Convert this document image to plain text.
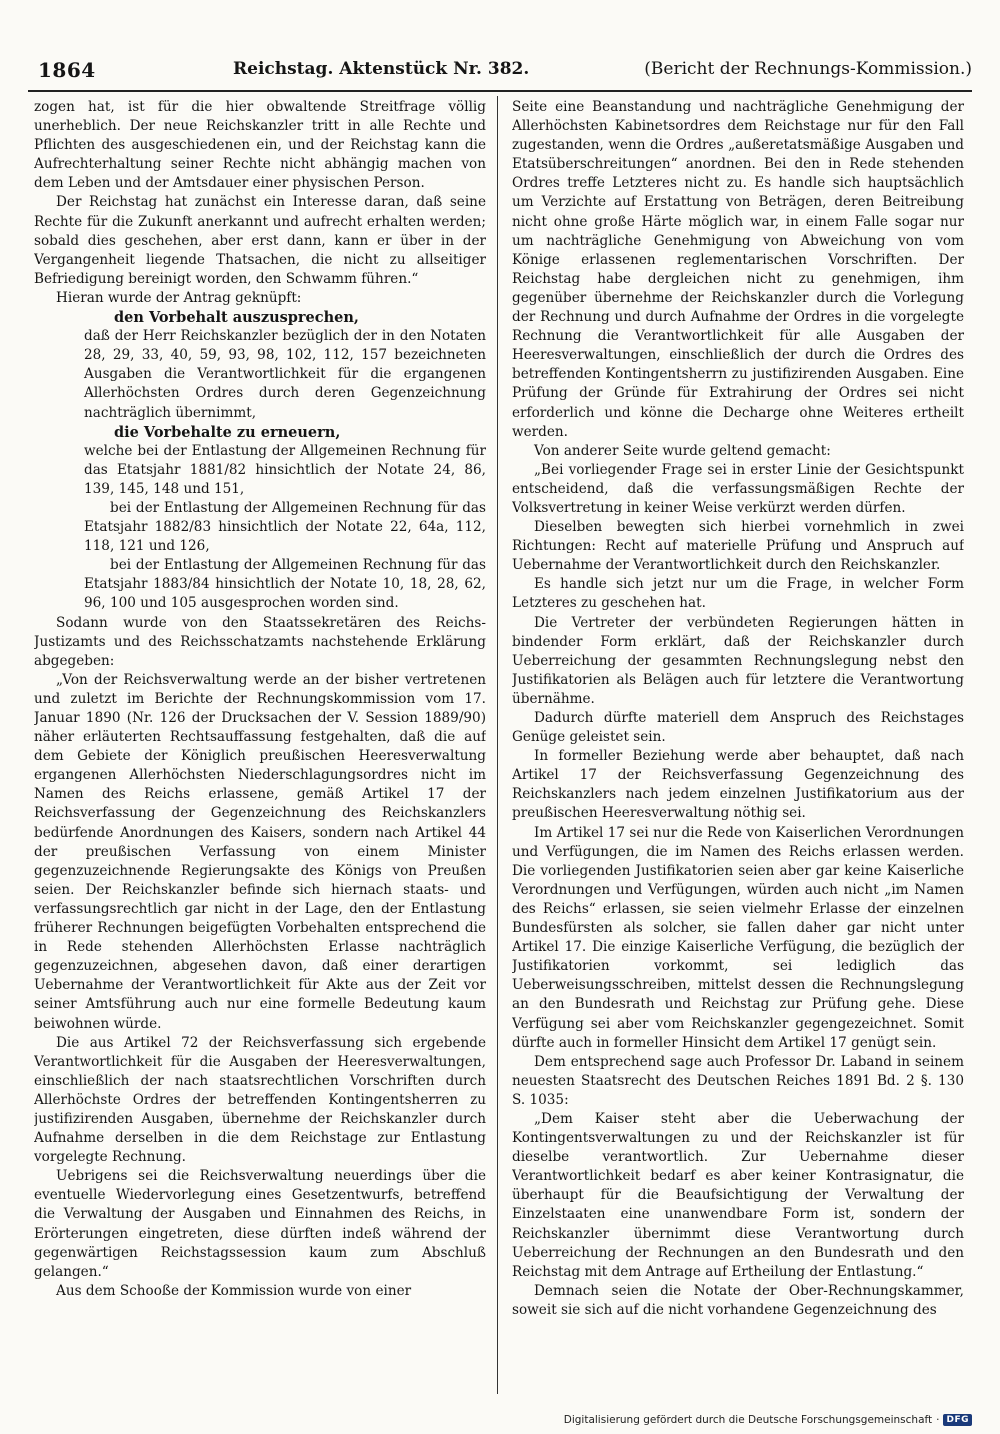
1864	Reichstag. Aktenstück Nr. 382.	(Bericht der Rechnungs-Kommission.)

zogen hat, ist für die hier obwaltende Streitfrage völlig unerheblich. Der neue Reichskanzler tritt in alle Rechte und Pflichten des ausgeschiedenen ein, und der Reichstag kann die Aufrechterhaltung seiner Rechte nicht abhängig machen von dem Leben und der Amtsdauer einer physischen Person.

Der Reichstag hat zunächst ein Interesse daran, daß seine Rechte für die Zukunft anerkannt und aufrecht erhalten werden; sobald dies geschehen, aber erst dann, kann er über in der Vergangenheit liegende Thatsachen, die nicht zu allseitiger Befriedigung bereinigt worden, den Schwamm führen.“

Hieran wurde der Antrag geknüpft:

den Vorbehalt auszusprechen,

daß der Herr Reichskanzler bezüglich der in den Notaten 28, 29, 33, 40, 59, 93, 98, 102, 112, 157 bezeichneten Ausgaben die Verantwortlichkeit für die ergangenen Allerhöchsten Ordres durch deren Gegenzeichnung nachträglich übernimmt,

die Vorbehalte zu erneuern,

welche bei der Entlastung der Allgemeinen Rechnung für das Etatsjahr 1881/82 hinsichtlich der Notate 24, 86, 139, 145, 148 und 151,

bei der Entlastung der Allgemeinen Rechnung für das Etatsjahr 1882/83 hinsichtlich der Notate 22, 64a, 112, 118, 121 und 126,

bei der Entlastung der Allgemeinen Rechnung für das Etatsjahr 1883/84 hinsichtlich der Notate 10, 18, 28, 62, 96, 100 und 105 ausgesprochen worden sind.

Sodann wurde von den Staatssekretären des Reichs-Justizamts und des Reichsschatzamts nachstehende Erklärung abgegeben:

„Von der Reichsverwaltung werde an der bisher vertretenen und zuletzt im Berichte der Rechnungskommission vom 17. Januar 1890 (Nr. 126 der Drucksachen der V. Session 1889/90) näher erläuterten Rechtsauffassung festgehalten, daß die auf dem Gebiete der Königlich preußischen Heeresverwaltung ergangenen Allerhöchsten Niederschlagungsordres nicht im Namen des Reichs erlassene, gemäß Artikel 17 der Reichsverfassung der Gegenzeichnung des Reichskanzlers bedürfende Anordnungen des Kaisers, sondern nach Artikel 44 der preußischen Verfassung von einem Minister gegenzuzeichnende Regierungsakte des Königs von Preußen seien. Der Reichskanzler befinde sich hiernach staats- und verfassungsrechtlich gar nicht in der Lage, den der Entlastung früherer Rechnungen beigefügten Vorbehalten entsprechend die in Rede stehenden Allerhöchsten Erlasse nachträglich gegenzuzeichnen, abgesehen davon, daß einer derartigen Uebernahme der Verantwortlichkeit für Akte aus der Zeit vor seiner Amtsführung auch nur eine formelle Bedeutung kaum beiwohnen würde.

Die aus Artikel 72 der Reichsverfassung sich ergebende Verantwortlichkeit für die Ausgaben der Heeresverwaltungen, einschließlich der nach staatsrechtlichen Vorschriften durch Allerhöchste Ordres der betreffenden Kontingentsherren zu justifizirenden Ausgaben, übernehme der Reichskanzler durch Aufnahme derselben in die dem Reichstage zur Entlastung vorgelegte Rechnung.

Uebrigens sei die Reichsverwaltung neuerdings über die eventuelle Wiedervorlegung eines Gesetzentwurfs, betreffend die Verwaltung der Ausgaben und Einnahmen des Reichs, in Erörterungen eingetreten, diese dürften indeß während der gegenwärtigen Reichstagssession kaum zum Abschluß gelangen.“

Aus dem Schooße der Kommission wurde von einer

Seite eine Beanstandung und nachträgliche Genehmigung der Allerhöchsten Kabinetsordres dem Reichstage nur für den Fall zugestanden, wenn die Ordres „außeretatsmäßige Ausgaben und Etatsüberschreitungen“ anordnen. Bei den in Rede stehenden Ordres treffe Letzteres nicht zu. Es handle sich hauptsächlich um Verzichte auf Erstattung von Beträgen, deren Beitreibung nicht ohne große Härte möglich war, in einem Falle sogar nur um nachträgliche Genehmigung von Abweichung von vom Könige erlassenen reglementarischen Vorschriften. Der Reichstag habe dergleichen nicht zu genehmigen, ihm gegenüber übernehme der Reichskanzler durch die Vorlegung der Rechnung und durch Aufnahme der Ordres in die vorgelegte Rechnung die Verantwortlichkeit für alle Ausgaben der Heeresverwaltungen, einschließlich der durch die Ordres des betreffenden Kontingentsherrn zu justifizirenden Ausgaben. Eine Prüfung der Gründe für Extrahirung der Ordres sei nicht erforderlich und könne die Decharge ohne Weiteres ertheilt werden.

Von anderer Seite wurde geltend gemacht:

„Bei vorliegender Frage sei in erster Linie der Gesichtspunkt entscheidend, daß die verfassungsmäßigen Rechte der Volksvertretung in keiner Weise verkürzt werden dürfen.

Dieselben bewegten sich hierbei vornehmlich in zwei Richtungen: Recht auf materielle Prüfung und Anspruch auf Uebernahme der Verantwortlichkeit durch den Reichskanzler.

Es handle sich jetzt nur um die Frage, in welcher Form Letzteres zu geschehen hat.

Die Vertreter der verbündeten Regierungen hätten in bindender Form erklärt, daß der Reichskanzler durch Ueberreichung der gesammten Rechnungslegung nebst den Justifikatorien als Belägen auch für letztere die Verantwortung übernähme.

Dadurch dürfte materiell dem Anspruch des Reichstages Genüge geleistet sein.

In formeller Beziehung werde aber behauptet, daß nach Artikel 17 der Reichsverfassung Gegenzeichnung des Reichskanzlers nach jedem einzelnen Justifikatorium aus der preußischen Heeresverwaltung nöthig sei.

Im Artikel 17 sei nur die Rede von Kaiserlichen Verordnungen und Verfügungen, die im Namen des Reichs erlassen werden. Die vorliegenden Justifikatorien seien aber gar keine Kaiserliche Verordnungen und Verfügungen, würden auch nicht „im Namen des Reichs“ erlassen, sie seien vielmehr Erlasse der einzelnen Bundesfürsten als solcher, sie fallen daher gar nicht unter Artikel 17. Die einzige Kaiserliche Verfügung, die bezüglich der Justifikatorien vorkommt, sei lediglich das Ueberweisungsschreiben, mittelst dessen die Rechnungslegung an den Bundesrath und Reichstag zur Prüfung gehe. Diese Verfügung sei aber vom Reichskanzler gegengezeichnet. Somit dürfte auch in formeller Hinsicht dem Artikel 17 genügt sein.

Dem entsprechend sage auch Professor Dr. Laband in seinem neuesten Staatsrecht des Deutschen Reiches 1891 Bd. 2 §. 130 S. 1035:

„Dem Kaiser steht aber die Ueberwachung der Kontingentsverwaltungen zu und der Reichskanzler ist für dieselbe verantwortlich. Zur Uebernahme dieser Verantwortlichkeit bedarf es aber keiner Kontrasignatur, die überhaupt für die Beaufsichtigung der Verwaltung der Einzelstaaten eine unanwendbare Form ist, sondern der Reichskanzler übernimmt diese Verantwortung durch Ueberreichung der Rechnungen an den Bundesrath und den Reichstag mit dem Antrage auf Ertheilung der Entlastung.“

Demnach seien die Notate der Ober-Rechnungskammer, soweit sie sich auf die nicht vorhandene Gegenzeichnung des

Digitalisierung gefördert durch die Deutsche Forschungsgemeinschaft · DFG
